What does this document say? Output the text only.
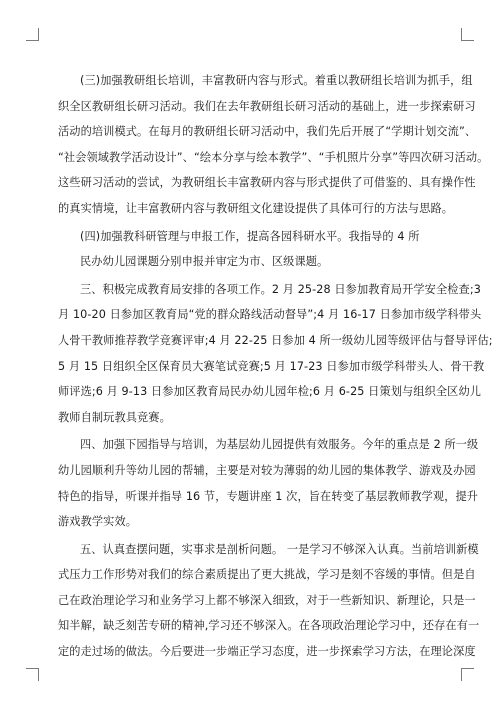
(三)加强教研组长培训，丰富教研内容与形式。着重以教研组长培训为抓手，组
织全区教研组长研习活动。我们在去年教研组长研习活动的基础上，进一步探索研习
活动的培训模式。在每月的教研组长研习活动中，我们先后开展了“学期计划交流”、
“社会领域教学活动设计”、“绘本分享与绘本教学”、“手机照片分享”等四次研习活动。
这些研习活动的尝试，为教研组长丰富教研内容与形式提供了可借鉴的、具有操作性
的真实情境，让丰富教研内容与教研组文化建设提供了具体可行的方法与思路。
(四)加强教科研管理与申报工作，提高各园科研水平。我指导的 4 所
民办幼儿园课题分别申报并审定为市、区级课题。
三、积极完成教育局安排的各项工作。2 月 25-28 日参加教育局开学安全检查;3
月 10-20 日参加区教育局“党的群众路线活动督导”;4 月 16-17 日参加市级学科带头
人骨干教师推荐教学竞赛评审;4 月 22-25 日参加 4 所一级幼儿园等级评估与督导评估;
5 月 15 日组织全区保育员大赛笔试竞赛;5 月 17-23 日参加市级学科带头人、骨干教
师评选;6 月 9-13 日参加区教育局民办幼儿园年检;6 月 6-25 日策划与组织全区幼儿
教师自制玩教具竞赛。
四、加强下园指导与培训，为基层幼儿园提供有效服务。今年的重点是 2 所一级
幼儿园顺利升等幼儿园的帮辅，主要是对较为薄弱的幼儿园的集体教学、游戏及办园
特色的指导，听课并指导 16 节，专题讲座 1 次，旨在转变了基层教师教学观，提升
游戏教学实效。
五、认真查摆问题，实事求是剖析问题。 一是学习不够深入认真。当前培训新模
式压力工作形势对我们的综合素质提出了更大挑战，学习是刻不容缓的事情。但是自
己在政治理论学习和业务学习上都不够深入细致，对于一些新知识、新理论，只是一
知半解，缺乏刻苦专研的精神,学习还不够深入。在各项政治理论学习中，还存在有一
定的走过场的做法。今后要进一步端正学习态度，进一步探索学习方法，在理论深度
